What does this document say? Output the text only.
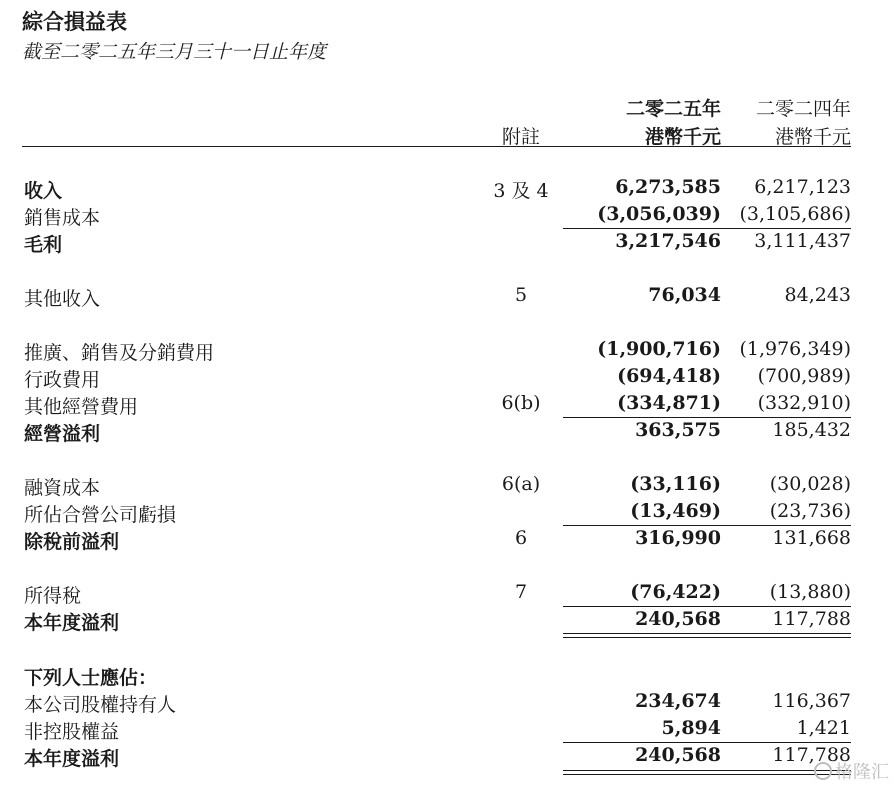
綜合損益表
截至二零二五年三月三十一日止年度
二零二五年 二零二四年
附註	港幣千元	港幣千元
收入	3 及 4	6,273,585 6,217,123
銷售成本	(3,056,039) (3,105,686)
毛利	3,217,546 3,111,437
其他收入	5	76,034	84,243
推廣、銷售及分銷費用	(1,900,716) (1,976,349)
行政費用	(694,418) (700,989)
其他經營費用	6(b)	(334,871) (332,910)
經營溢利	363,575	185,432
融資成本	6(a)	(33,116)	(30,028)
所佔合營公司虧損	(13,469)	(23,736)
除稅前溢利	6	316,990	131,668
所得稅	7	(76,422)	(13,880)
本年度溢利	240,568	117,788
下列人士應佔：
本公司股權持有人	234,674	116,367
非控股權益	5,894	1,421
本年度溢利	240,568	117,788
格隆汇
